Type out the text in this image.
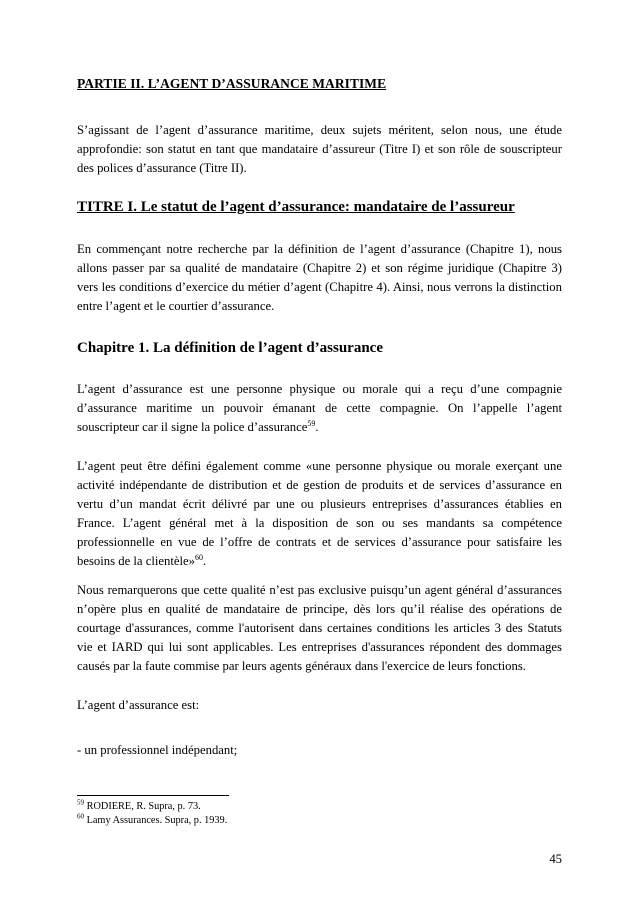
PARTIE II. L’AGENT D’ASSURANCE MARITIME

S’agissant de l’agent d’assurance maritime, deux sujets méritent, selon nous, une étude approfondie: son statut en tant que mandataire d’assureur (Titre I) et son rôle de souscripteur des polices d’assurance (Titre II).

TITRE I. Le statut de l’agent d’assurance: mandataire de l’assureur

En commençant notre recherche par la définition de l’agent d’assurance (Chapitre 1), nous allons passer par sa qualité de mandataire (Chapitre 2) et son régime juridique (Chapitre 3) vers les conditions d’exercice du métier d’agent (Chapitre 4). Ainsi, nous verrons la distinction entre l’agent et le courtier d’assurance.

Chapitre 1. La définition de l’agent d’assurance

L’agent d’assurance est une personne physique ou morale qui a reçu d’une compagnie d’assurance maritime un pouvoir émanant de cette compagnie. On l’appelle l’agent souscripteur car il signe la police d’assurance$^{59}$.

L’agent peut être défini également comme «une personne physique ou morale exerçant une activité indépendante de distribution et de gestion de produits et de services d’assurance en vertu d’un mandat écrit délivré par une ou plusieurs entreprises d’assurances établies en France. L’agent général met à la disposition de son ou ses mandants sa compétence professionnelle en vue de l’offre de contrats et de services d’assurance pour satisfaire les besoins de la clientèle»$^{60}$.

Nous remarquerons que cette qualité n’est pas exclusive puisqu’un agent général d’assurances n’opère plus en qualité de mandataire de principe, dès lors qu’il réalise des opérations de courtage d'assurances, comme l'autorisent dans certaines conditions les articles 3 des Statuts vie et IARD qui lui sont applicables. Les entreprises d'assurances répondent des dommages causés par la faute commise par leurs agents généraux dans l'exercice de leurs fonctions.

L’agent d’assurance est:

- un professionnel indépendant;

$^{59}$ RODIERE, R. Supra, p. 73.

$^{60}$ Lamy Assurances. Supra, p. 1939.

45
